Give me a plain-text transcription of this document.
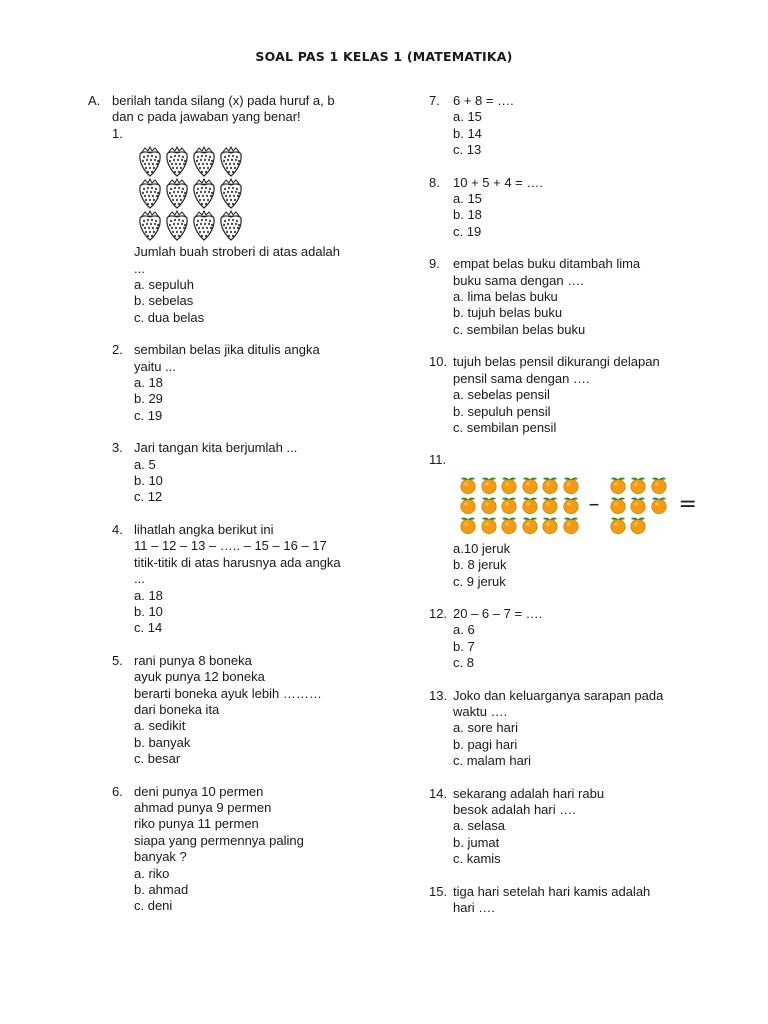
SOAL PAS 1 KELAS 1 (MATEMATIKA)
A. berilah tanda silang (x) pada huruf a, b
dan c pada jawaban yang benar!
1.
Jumlah buah stroberi di atas adalah
...
a. sepuluh
b. sebelas
c. dua belas
2. sembilan belas jika ditulis angka
yaitu ...
a. 18
b. 29
c. 19
3. Jari tangan kita berjumlah ...
a. 5
b. 10
c. 12
4. lihatlah angka berikut ini
11 – 12 – 13 – ….. – 15 – 16 – 17
titik-titik di atas harusnya ada angka
...
a. 18
b. 10
c. 14
5. rani punya 8 boneka
ayuk punya 12 boneka
berarti boneka ayuk lebih ………
dari boneka ita
a. sedikit
b. banyak
c. besar
6. deni punya 10 permen
ahmad punya 9 permen
riko punya 11 permen
siapa yang permennya paling
banyak ?
a. riko
b. ahmad
c. deni
7. 6 + 8 = ….
a. 15
b. 14
c. 13
8. 10 + 5 + 4 = ….
a. 15
b. 18
c. 19
9. empat belas buku ditambah lima
buku sama dengan ….
a. lima belas buku
b. tujuh belas buku
c. sembilan belas buku
10. tujuh belas pensil dikurangi delapan
pensil sama dengan ….
a. sebelas pensil
b. sepuluh pensil
c. sembilan pensil
11.
–	=
a.10 jeruk
b. 8 jeruk
c. 9 jeruk
12. 20 – 6 – 7 = ….
a. 6
b. 7
c. 8
13. Joko dan keluarganya sarapan pada
waktu ….
a. sore hari
b. pagi hari
c. malam hari
14. sekarang adalah hari rabu
besok adalah hari ….
a. selasa
b. jumat
c. kamis
15. tiga hari setelah hari kamis adalah
hari ….
